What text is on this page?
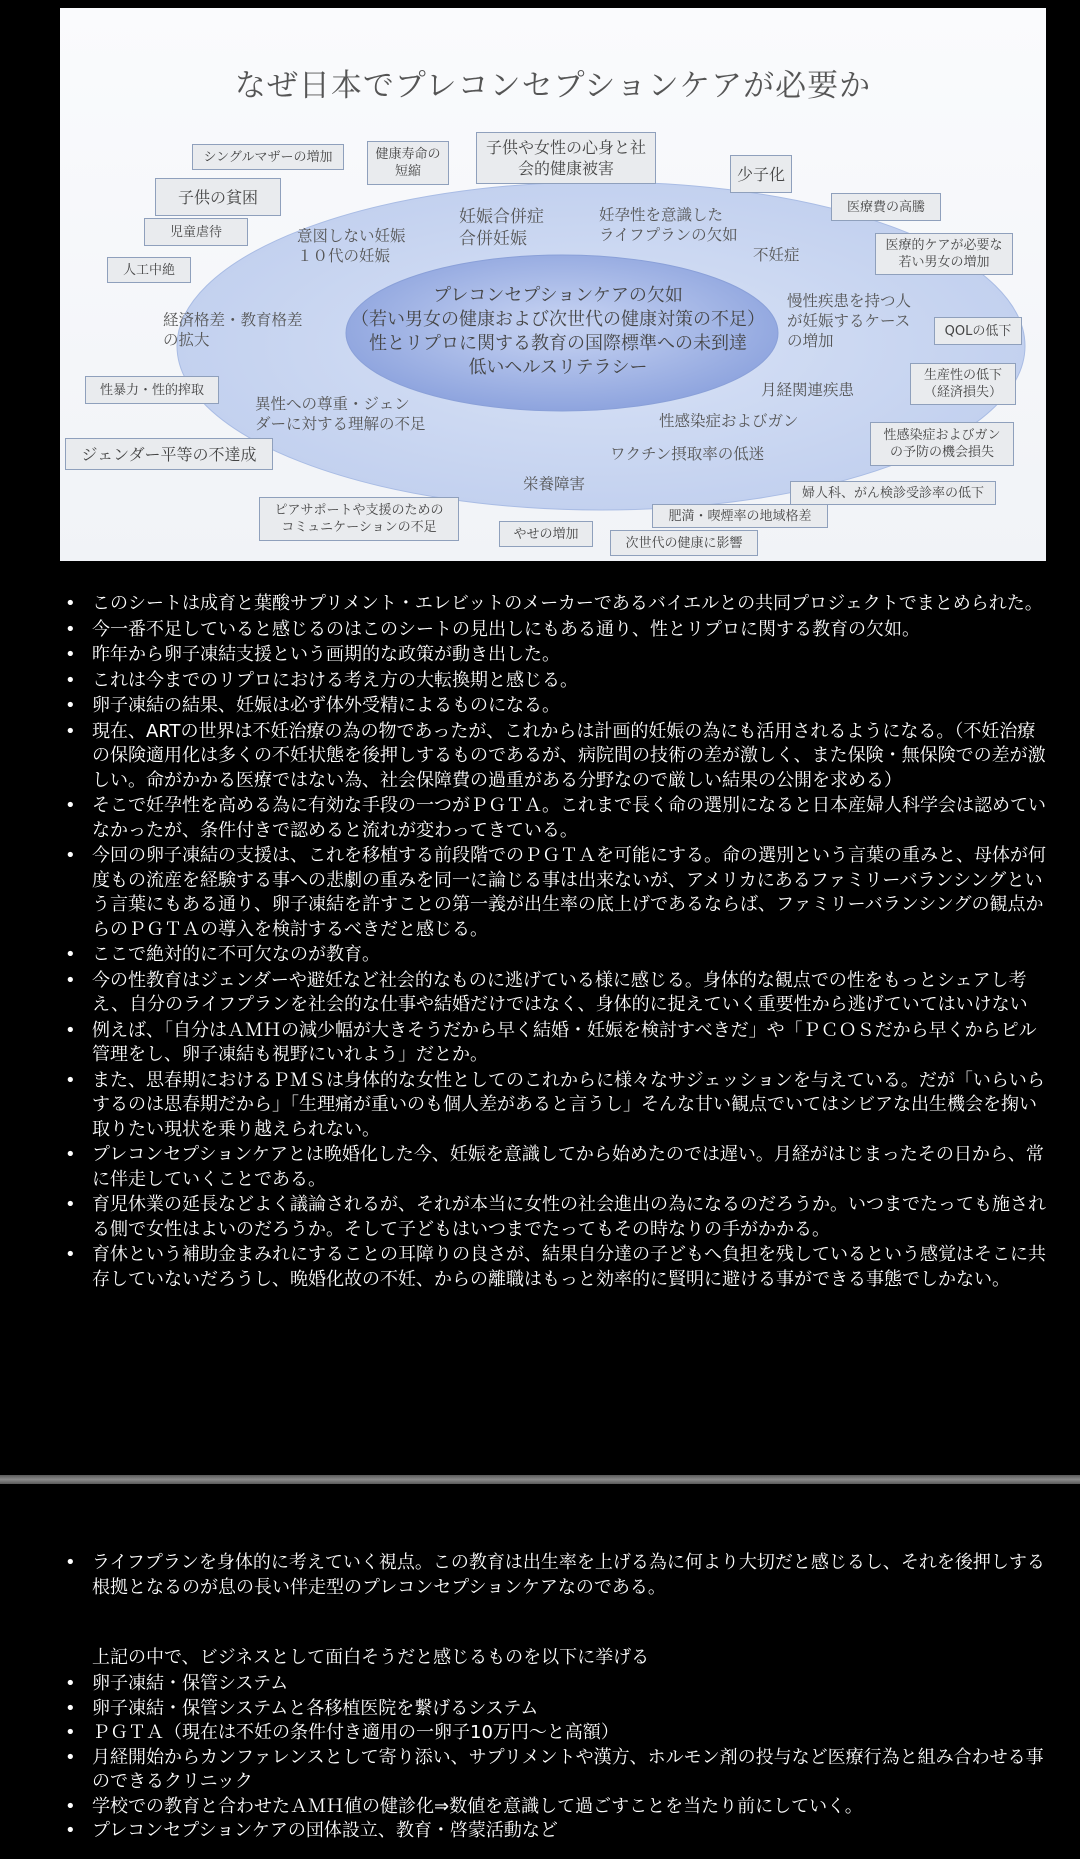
なぜ日本でプレコンセプションケアが必要か
プレコンセプションケアの欠如
（若い男女の健康および次世代の健康対策の不足）
性とリプロに関する教育の国際標準への未到達
低いヘルスリテラシー
意図しない妊娠
１０代の妊娠
妊娠合併症
合併妊娠
妊孕性を意識した
ライフプランの欠如
不妊症
経済格差・教育格差
の拡大
慢性疾患を持つ人
が妊娠するケース
の増加
異性への尊重・ジェン
ダーに対する理解の不足
月経関連疾患
性感染症およびガン
ワクチン摂取率の低迷
栄養障害
シングルマザーの増加	健康寿命の
短縮
子供や女性の心身と社
会的健康被害	少子化
子供の貧困
医療費の高騰
児童虐待
医療的ケアが必要な
若い男女の増加
人工中絶
QOLの低下
生産性の低下
（経済損失）
性暴力・性的搾取
性感染症およびガン
の予防の機会損失
ジェンダー平等の不達成
婦人科、がん検診受診率の低下
ピアサポートや支援のための
コミュニケーションの不足
肥満・喫煙率の地域格差
やせの増加
次世代の健康に影響
• このシートは成育と葉酸サプリメント・エレビットのメーカーであるバイエルとの共同プロジェクトでまとめられた。
• 今一番不足していると感じるのはこのシートの見出しにもある通り、性とリプロに関する教育の欠如。
• 昨年から卵子凍結支援という画期的な政策が動き出した。
• これは今までのリプロにおける考え方の大転換期と感じる。
• 卵子凍結の結果、妊娠は必ず体外受精によるものになる。
• 現在、ARTの世界は不妊治療の為の物であったが、これからは計画的妊娠の為にも活用されるようになる。（不妊治療の保険適用化は多くの不妊状態を後押しするものであるが、病院間の技術の差が激しく、また保険・無保険での差が激しい。命がかかる医療ではない為、社会保障費の過重がある分野なので厳しい結果の公開を求める）
• そこで妊孕性を高める為に有効な手段の一つがＰＧＴＡ。これまで長く命の選別になると日本産婦人科学会は認めていなかったが、条件付きで認めると流れが変わってきている。
• 今回の卵子凍結の支援は、これを移植する前段階でのＰＧＴＡを可能にする。命の選別という言葉の重みと、母体が何度もの流産を経験する事への悲劇の重みを同一に論じる事は出来ないが、アメリカにあるファミリーバランシングという言葉にもある通り、卵子凍結を許すことの第一義が出生率の底上げであるならば、ファミリーバランシングの観点からのＰＧＴＡの導入を検討するべきだと感じる。
• ここで絶対的に不可欠なのが教育。
• 今の性教育はジェンダーや避妊など社会的なものに逃げている様に感じる。身体的な観点での性をもっとシェアし考え、自分のライフプランを社会的な仕事や結婚だけではなく、身体的に捉えていく重要性から逃げていてはいけない
• 例えば、「自分はＡＭＨの減少幅が大きそうだから早く結婚・妊娠を検討すべきだ」や「ＰＣＯＳだから早くからピル管理をし、卵子凍結も視野にいれよう」だとか。
• また、思春期におけるＰＭＳは身体的な女性としてのこれからに様々なサジェッションを与えている。だが「いらいらするのは思春期だから」「生理痛が重いのも個人差があると言うし」そんな甘い観点でいてはシビアな出生機会を掬い取りたい現状を乗り越えられない。
• プレコンセプションケアとは晩婚化した今、妊娠を意識してから始めたのでは遅い。月経がはじまったその日から、常に伴走していくことである。
• 育児休業の延長などよく議論されるが、それが本当に女性の社会進出の為になるのだろうか。いつまでたっても施される側で女性はよいのだろうか。そして子どもはいつまでたってもその時なりの手がかかる。
• 育休という補助金まみれにすることの耳障りの良さが、結果自分達の子どもへ負担を残しているという感覚はそこに共存していないだろうし、晩婚化故の不妊、からの離職はもっと効率的に賢明に避ける事ができる事態でしかない。
• ライフプランを身体的に考えていく視点。この教育は出生率を上げる為に何より大切だと感じるし、それを後押しする根拠となるのが息の長い伴走型のプレコンセプションケアなのである。
上記の中で、ビジネスとして面白そうだと感じるものを以下に挙げる
• 卵子凍結・保管システム
• 卵子凍結・保管システムと各移植医院を繋げるシステム
• ＰＧＴＡ（現在は不妊の条件付き適用の一卵子10万円〜と高額）
• 月経開始からカンファレンスとして寄り添い、サプリメントや漢方、ホルモン剤の投与など医療行為と組み合わせる事のできるクリニック
• 学校での教育と合わせたＡＭＨ値の健診化⇒数値を意識して過ごすことを当たり前にしていく。
• プレコンセプションケアの団体設立、教育・啓蒙活動など
